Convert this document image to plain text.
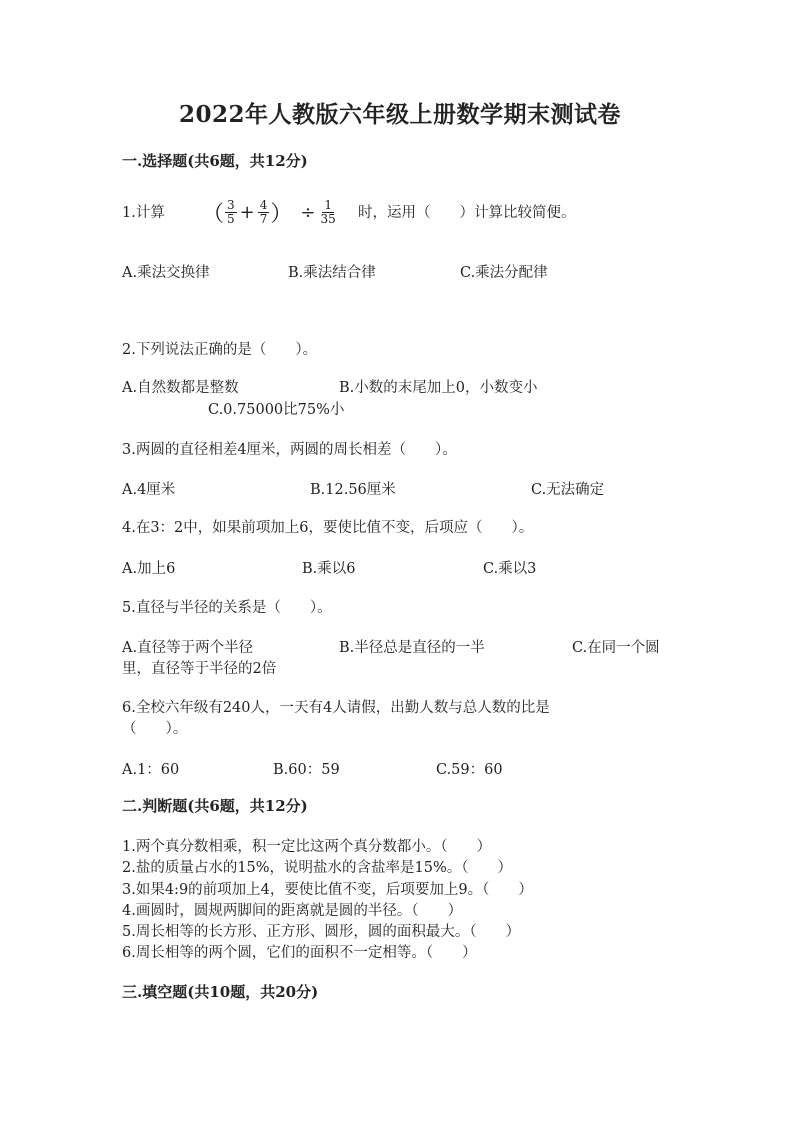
2022年人教版六年级上册数学期末测试卷
一.选择题(共6题，共12分)
1.计算 （ $\frac{3}{5} + \frac{4}{7}$ ） ÷ $\frac{1}{35}$ 时，运用（　　）计算比较简便。
A.乘法交换律	B.乘法结合律	C.乘法分配律
2.下列说法正确的是（　　）。
A.自然数都是整数	B.小数的末尾加上0，小数变小
C.0.75000比75%小
3.两圆的直径相差4厘米，两圆的周长相差（　　）。
A.4厘米	B.12.56厘米	C.无法确定
4.在3：2中，如果前项加上6，要使比值不变，后项应（　　）。
A.加上6	B.乘以6	C.乘以3
5.直径与半径的关系是（　　）。
A.直径等于两个半径	B.半径总是直径的一半	C.在同一个圆
里，直径等于半径的2倍
6.全校六年级有240人，一天有4人请假，出勤人数与总人数的比是
（　　）。
A.1：60	B.60：59	C.59：60
二.判断题(共6题，共12分)
1.两个真分数相乘，积一定比这两个真分数都小。（　　）
2.盐的质量占水的15%，说明盐水的含盐率是15%。（　　）
3.如果4:9的前项加上4，要使比值不变，后项要加上9。（　　）
4.画圆时，圆规两脚间的距离就是圆的半径。（　　）
5.周长相等的长方形、正方形、圆形，圆的面积最大。（　　）
6.周长相等的两个圆，它们的面积不一定相等。（　　）
三.填空题(共10题，共20分)
